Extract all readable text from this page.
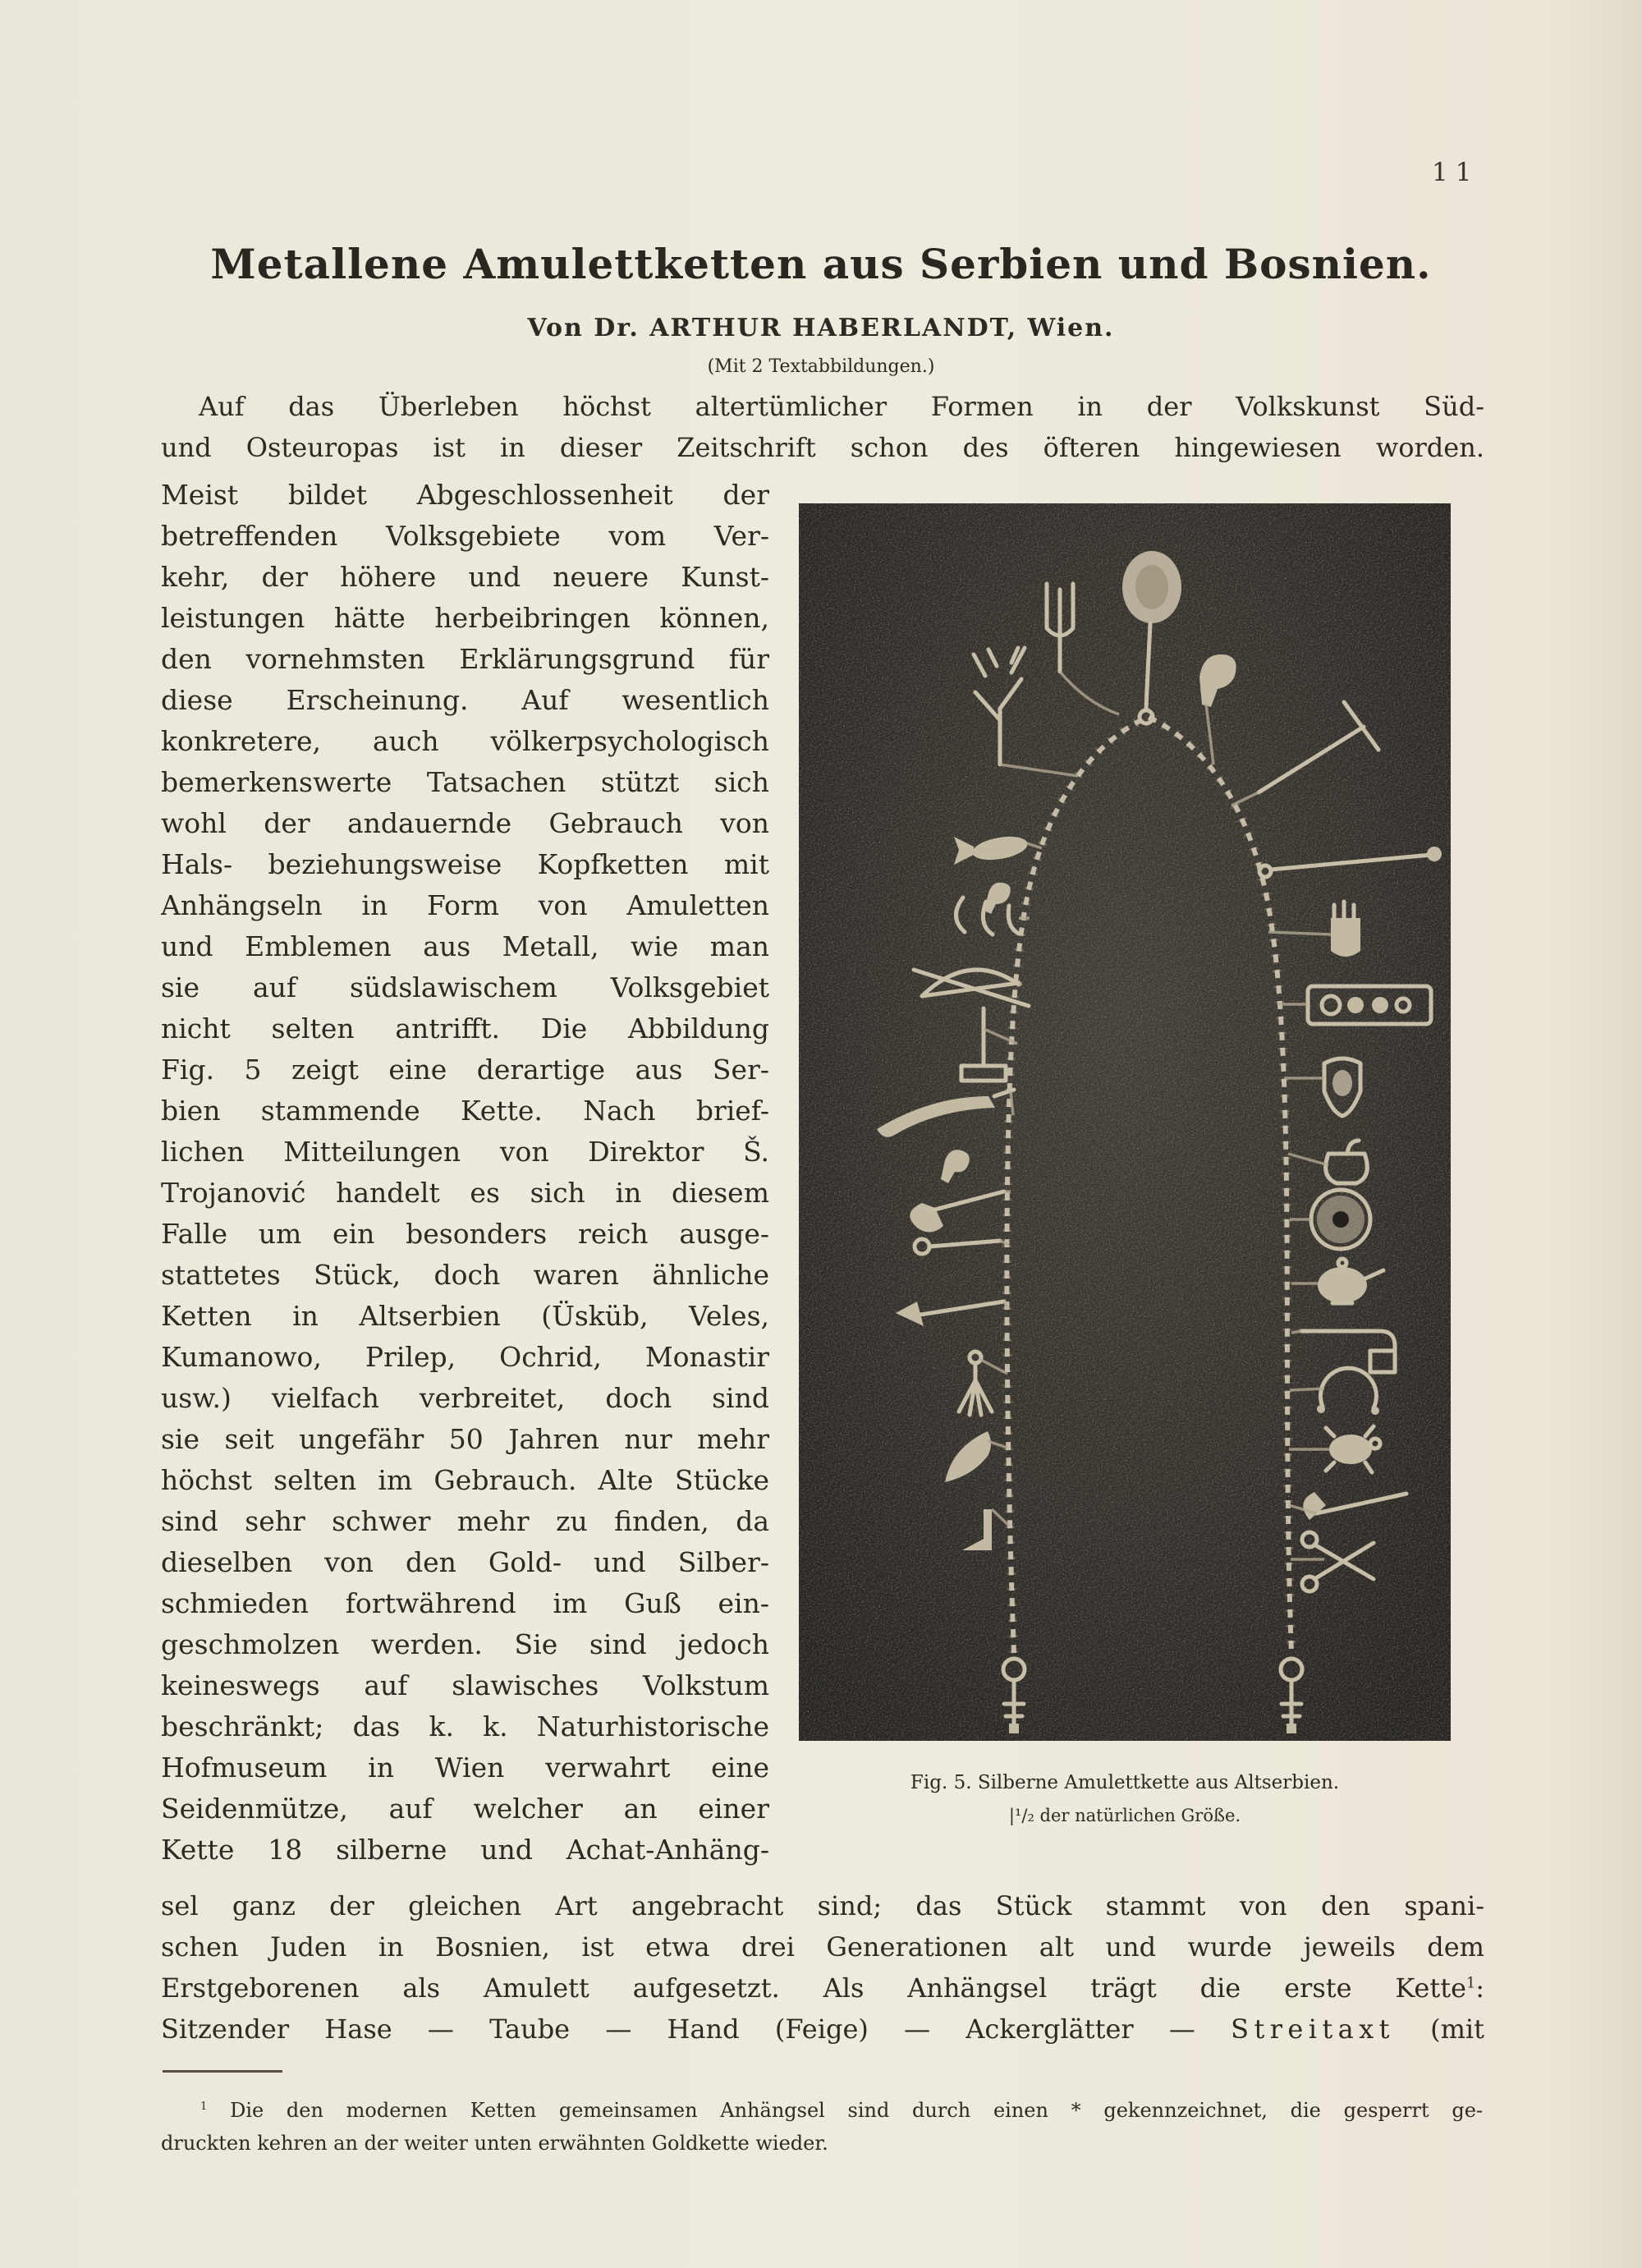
11
Metallene Amulettketten aus Serbien und Bosnien.
Von Dr. ARTHUR HABERLANDT, Wien.
(Mit 2 Textabbildungen.)
Auf das Überleben höchst altertümlicher Formen in der Volkskunst Süd-
und Osteuropas ist in dieser Zeitschrift schon des öfteren hingewiesen worden.
Meist bildet Abgeschlossenheit der
betreffenden Volksgebiete vom Ver-
kehr, der höhere und neuere Kunst-
leistungen hätte herbeibringen können,
den vornehmsten Erklärungsgrund für
diese Erscheinung. Auf wesentlich
konkretere, auch völkerpsychologisch
bemerkenswerte Tatsachen stützt sich
wohl der andauernde Gebrauch von
Hals- beziehungsweise Kopfketten mit
Anhängseln in Form von Amuletten
und Emblemen aus Metall, wie man
sie auf südslawischem Volksgebiet
nicht selten antrifft. Die Abbildung
Fig. 5 zeigt eine derartige aus Ser-
bien stammende Kette. Nach brief-
lichen Mitteilungen von Direktor Š.
Trojanović handelt es sich in diesem
Falle um ein besonders reich ausge-
stattetes Stück, doch waren ähnliche
Ketten in Altserbien (Üsküb, Veles,
Kumanowo, Prilep, Ochrid, Monastir
usw.) vielfach verbreitet, doch sind
sie seit ungefähr 50 Jahren nur mehr
höchst selten im Gebrauch. Alte Stücke
sind sehr schwer mehr zu finden, da
dieselben von den Gold- und Silber-
schmieden fortwährend im Guß ein-
geschmolzen werden. Sie sind jedoch
keineswegs auf slawisches Volkstum
beschränkt; das k. k. Naturhistorische
Hofmuseum in Wien verwahrt eine
Seidenmütze, auf welcher an einer
Kette 18 silberne und Achat-Anhäng-
Fig. 5. Silberne Amulettkette aus Altserbien.
|¹/₂ der natürlichen Größe.
sel ganz der gleichen Art angebracht sind; das Stück stammt von den spani-
schen Juden in Bosnien, ist etwa drei Generationen alt und wurde jeweils dem
Erstgeborenen als Amulett aufgesetzt. Als Anhängsel trägt die erste Kette$^1$:
Sitzender Hase — Taube — Hand (Feige) — Ackerglätter — Streitaxt (mit
$^1$ Die den modernen Ketten gemeinsamen Anhängsel sind durch einen * gekennzeichnet, die gesperrt ge-
druckten kehren an der weiter unten erwähnten Goldkette wieder.
